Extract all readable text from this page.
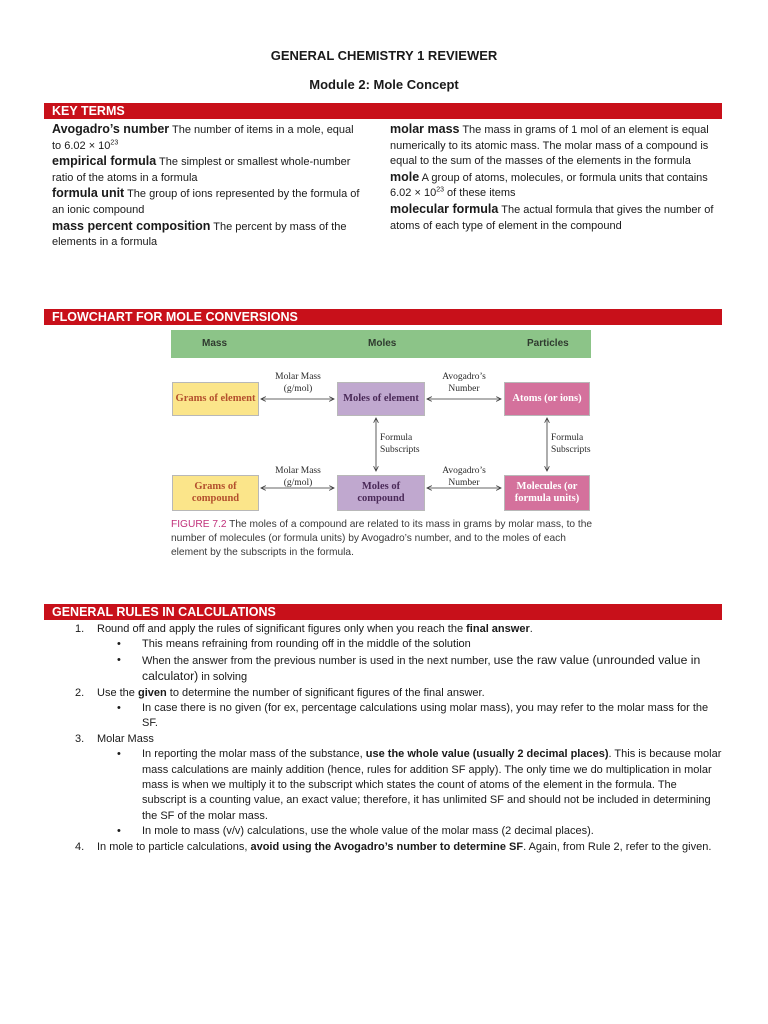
GENERAL CHEMISTRY 1 REVIEWER
Module 2: Mole Concept
KEY TERMS

Avogadro’s number The number of items in a mole, equal to $6.02 \times 10^{23}$

empirical formula The simplest or smallest whole-number ratio of the atoms in a formula

formula unit The group of ions represented by the formula of an ionic compound

mass percent composition The percent by mass of the elements in a formula

molar mass The mass in grams of 1 mol of an element is equal numerically to its atomic mass. The molar mass of a compound is equal to the sum of the masses of the elements in the formula

mole A group of atoms, molecules, or formula units that contains $6.02 \times 10^{23}$ of these items

molecular formula The actual formula that gives the number of atoms of each type of element in the compound

FLOWCHART FOR MOLE CONVERSIONS
Mass	Moles	Particles
Grams of element	Moles of element	Atoms (or ions)
Grams of compound
Moles of compound
Molecules (or formula units)
Molar Mass (g/mol)
Avogadro’s Number
Formula Subscripts
Formula Subscripts
Molar Mass (g/mol)
Avogadro’s Number
FIGURE 7.2 The moles of a compound are related to its mass in grams by molar mass, to the number of molecules (or formula units) by Avogadro’s number, and to the moles of each element by the subscripts in the formula.
GENERAL RULES IN CALCULATIONS
1. Round off and apply the rules of significant figures only when you reach the final answer.
• This means refraining from rounding off in the middle of the solution
• When the answer from the previous number is used in the next number, use the raw value (unrounded value in calculator) in solving
2. Use the given to determine the number of significant figures of the final answer.
• In case there is no given (for ex, percentage calculations using molar mass), you may refer to the molar mass for the SF.
3. Molar Mass
• In reporting the molar mass of the substance, use the whole value (usually 2 decimal places). This is because molar mass calculations are mainly addition (hence, rules for addition SF apply). The only time we do multiplication in molar mass is when we multiply it to the subscript which states the count of atoms of the element in the formula. The subscript is a counting value, an exact value; therefore, it has unlimited SF and should not be included in determining the SF of the molar mass.
• In mole to mass (v/v) calculations, use the whole value of the molar mass (2 decimal places).
4. In mole to particle calculations, avoid using the Avogadro’s number to determine SF. Again, from Rule 2, refer to the given.
